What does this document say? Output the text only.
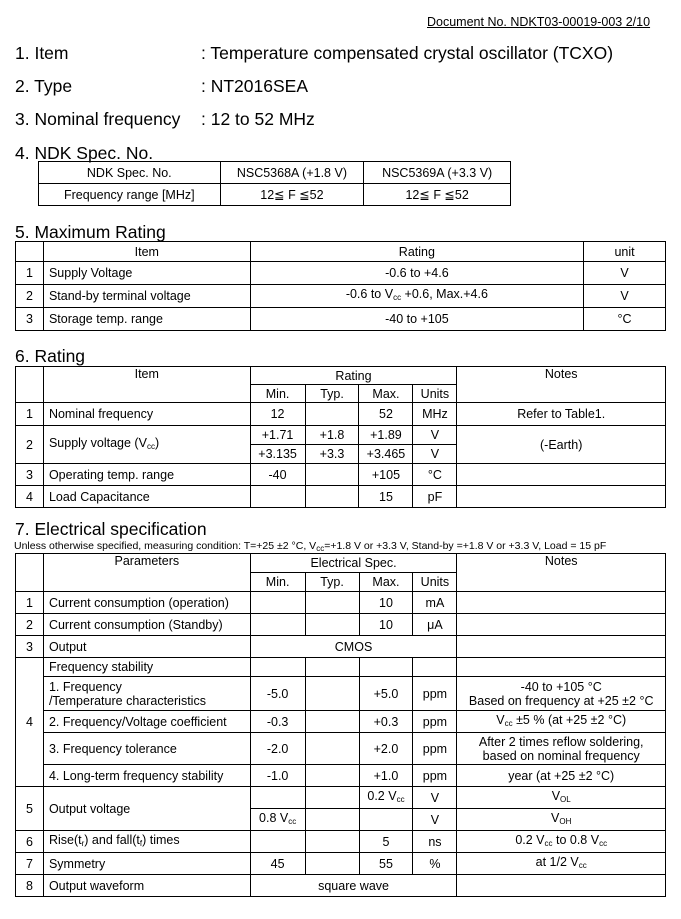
Document No. NDKT03-00019-003 2/10
1. Item	: Temperature compensated crystal oscillator (TCXO)
2. Type	: NT2016SEA
3. Nominal frequency : 12 to 52 MHz
4. NDK Spec. No.
NDK Spec. No.	NSC5368A (+1.8 V)	NSC5369A (+3.3 V)
Frequency range [MHz]	12≦ F ≦52	12≦ F ≦52
5. Maximum Rating
	Item	Rating	unit
1	Supply Voltage	-0.6 to +4.6	V
2	Stand-by terminal voltage	-0.6 to $V_{cc} +0.6$, Max.+4.6	V
3	Storage temp. range	-40 to +105	°C
6. Rating
	Item	Rating				Notes
		Min.	Typ.	Max.	Units	
1	Nominal frequency	12		52	MHz	Refer to Table1.
2	Supply voltage $(V_{cc})$	+1.71	+1.8	+1.89	V	(-Earth)
		+3.135	+3.3	+3.465	V	
3	Operating temp. range	-40		+105	°C	
4	Load Capacitance			15	pF	
7. Electrical specification
Unless otherwise specified, measuring condition: T=+25 ±2 °C, $V_{cc}=+1.8$ V or +3.3 V, Stand-by =+1.8 V or +3.3 V, Load = 15 pF
	Parameters	Electrical Spec.				Notes
		Min.	Typ.	Max.	Units	
1	Current consumption (operation)			10	mA	
2	Current consumption (Standby)			10	μA	
3	Output	CMOS				
4	Frequency stability					
	1. Frequency
/Temperature characteristics	-5.0		+5.0	ppm	-40 to +105 °C
Based on frequency at +25 ±2 °C
	2. Frequency/Voltage coefficient	-0.3		+0.3	ppm	$V_{cc} \pm 5$ % (at +25 ±2 °C)
	3. Frequency tolerance	-2.0		+2.0	ppm	After 2 times reflow soldering,
based on nominal frequency
	4. Long-term frequency stability	-1.0		+1.0	ppm	year (at +25 ±2 °C)
5	Output voltage			0.2 $V_{cc}$	V	$V_{OL}$
		0.8 $V_{cc}$			V	$V_{OH}$
6	$Rise(t_r)$ and $fall(t_f)$ times			5	ns	0.2 $V_{cc}$ to 0.8 $V_{cc}$
7	Symmetry	45		55	%	at 1/2 $V_{cc}$
8	Output waveform	square wave				
